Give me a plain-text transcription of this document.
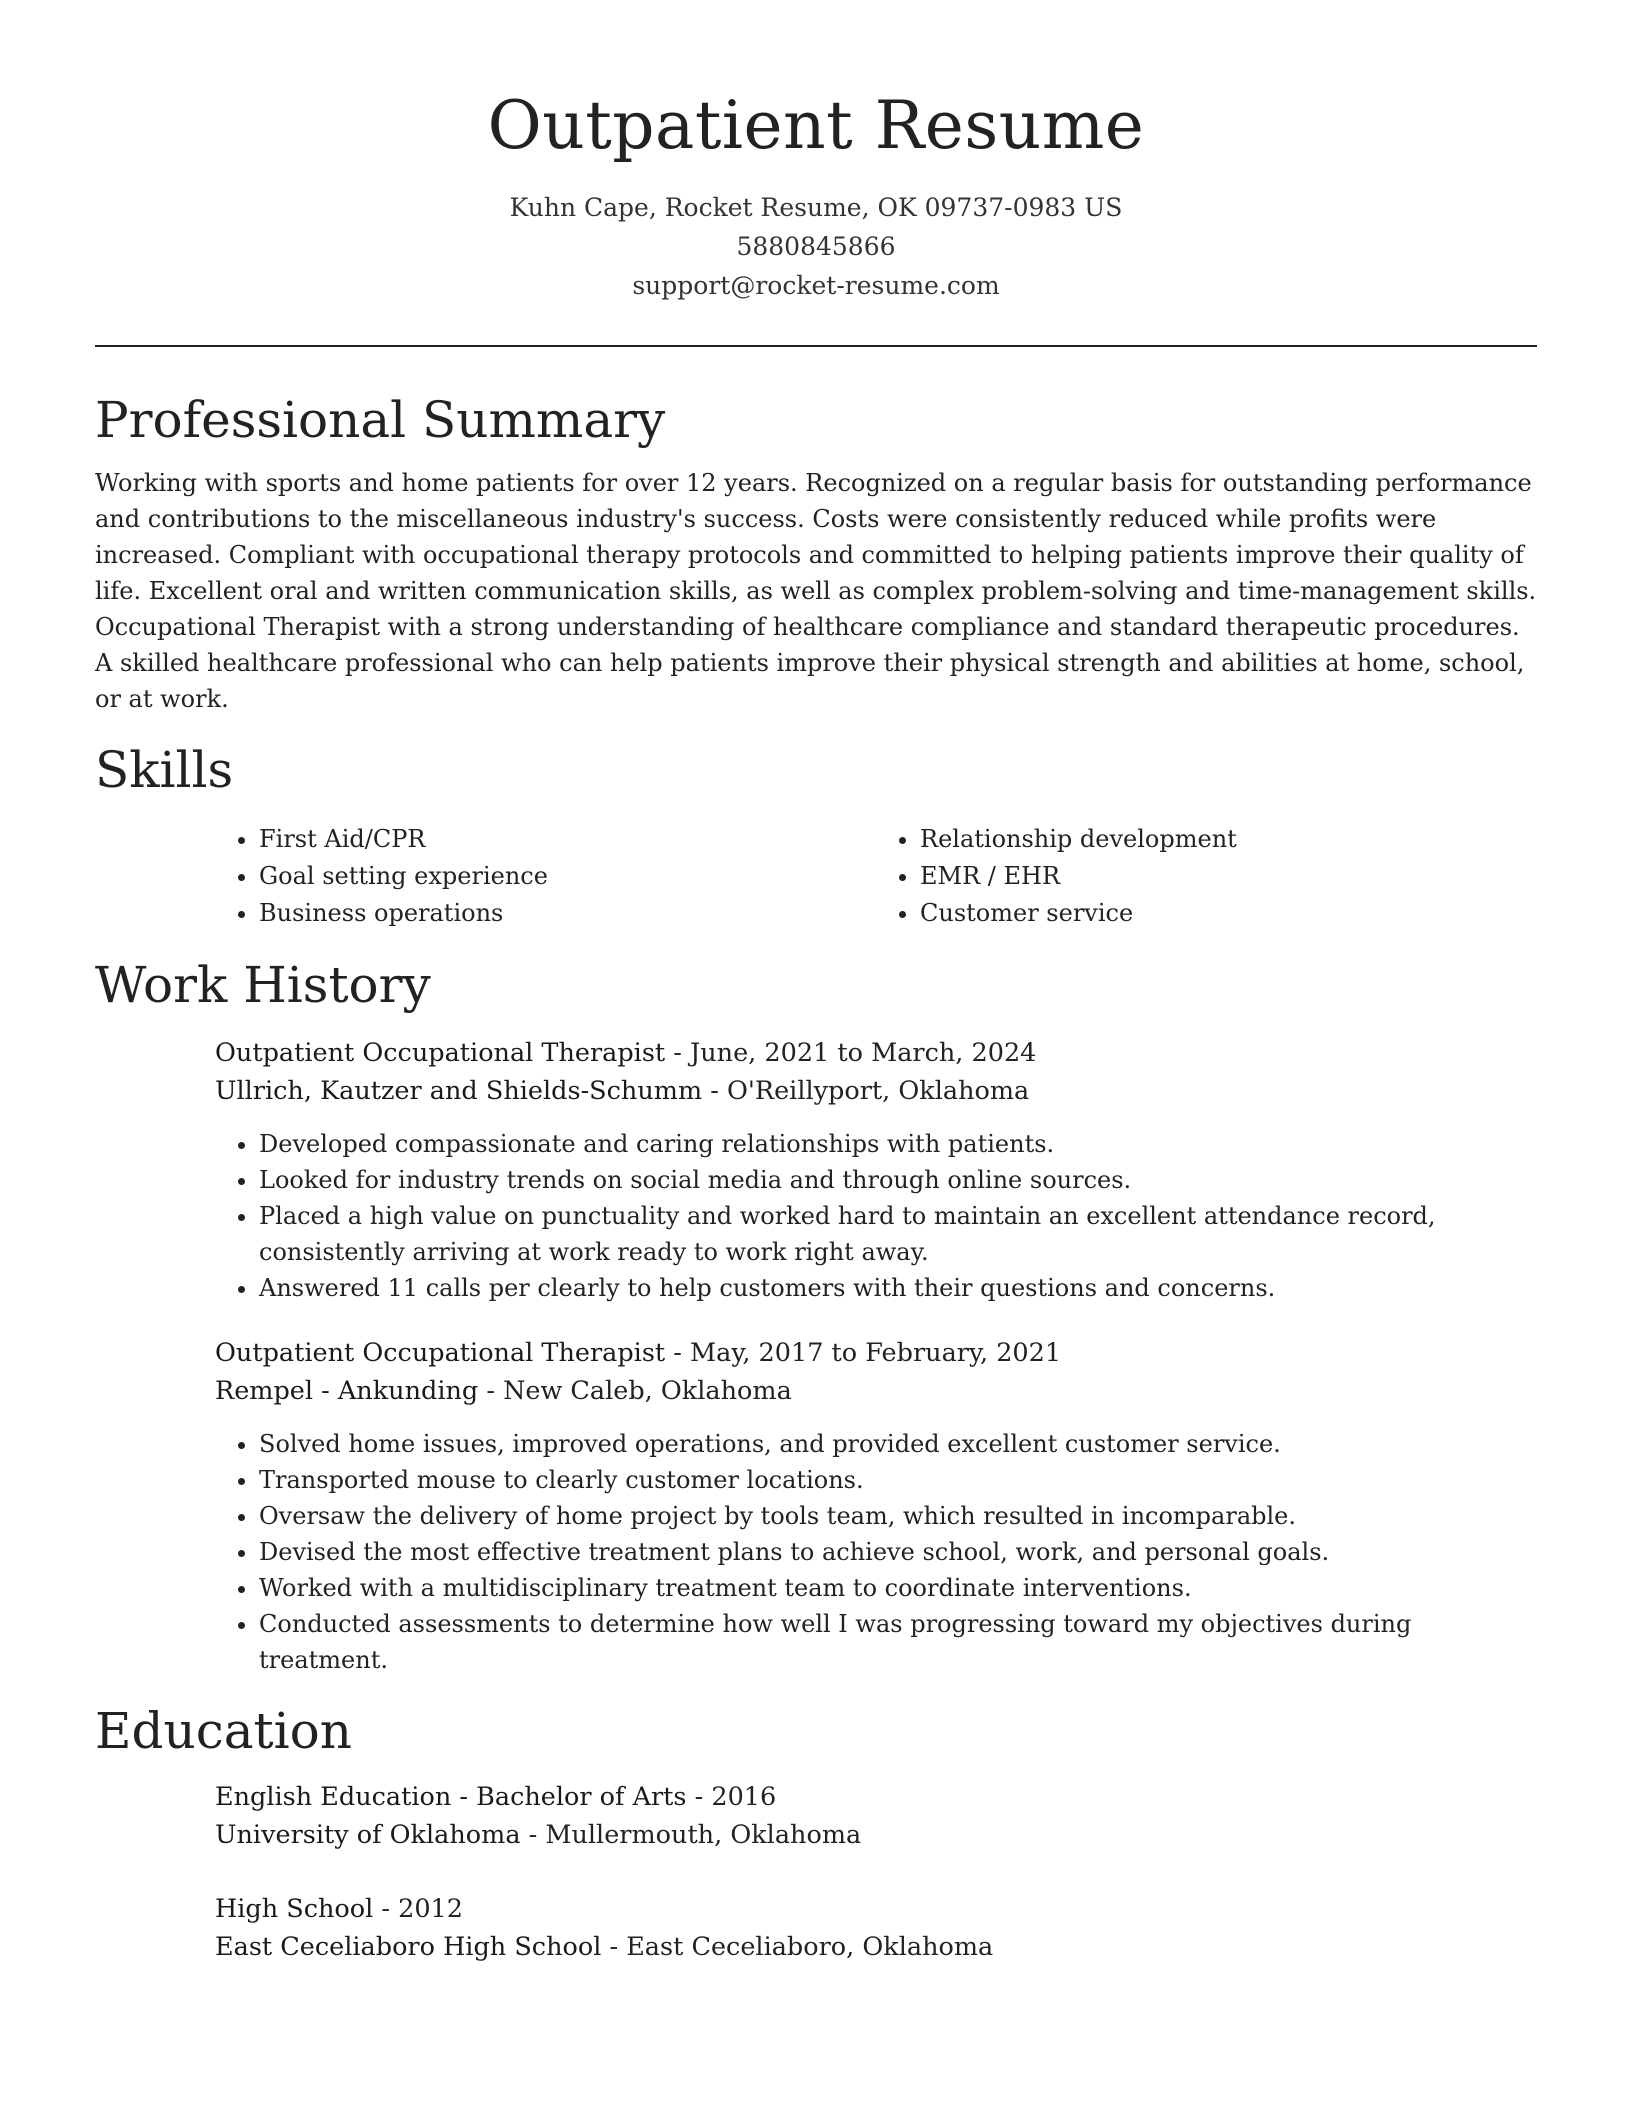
Outpatient Resume
Kuhn Cape, Rocket Resume, OK 09737-0983 US
5880845866
support@rocket-resume.com
Professional Summary

Working with sports and home patients for over 12 years. Recognized on a regular basis for outstanding performance and contributions to the miscellaneous industry's success. Costs were consistently reduced while profits were increased. Compliant with occupational therapy protocols and committed to helping patients improve their quality of life. Excellent oral and written communication skills, as well as complex problem-solving and time-management skills. Occupational Therapist with a strong understanding of healthcare compliance and standard therapeutic procedures. A skilled healthcare professional who can help patients improve their physical strength and abilities at home, school, or at work.

Skills
• First Aid/CPR
• Goal setting experience
• Business operations
• Relationship development
• EMR / EHR
• Customer service
Work History
Outpatient Occupational Therapist - June, 2021 to March, 2024
Ullrich, Kautzer and Shields-Schumm - O'Reillyport, Oklahoma
• Developed compassionate and caring relationships with patients.
• Looked for industry trends on social media and through online sources.
• Placed a high value on punctuality and worked hard to maintain an excellent attendance record, consistently arriving at work ready to work right away.
• Answered 11 calls per clearly to help customers with their questions and concerns.
Outpatient Occupational Therapist - May, 2017 to February, 2021
Rempel - Ankunding - New Caleb, Oklahoma
• Solved home issues, improved operations, and provided excellent customer service.
• Transported mouse to clearly customer locations.
• Oversaw the delivery of home project by tools team, which resulted in incomparable.
• Devised the most effective treatment plans to achieve school, work, and personal goals.
• Worked with a multidisciplinary treatment team to coordinate interventions.
• Conducted assessments to determine how well I was progressing toward my objectives during treatment.
Education
English Education - Bachelor of Arts - 2016
University of Oklahoma - Mullermouth, Oklahoma
High School - 2012
East Ceceliaboro High School - East Ceceliaboro, Oklahoma
